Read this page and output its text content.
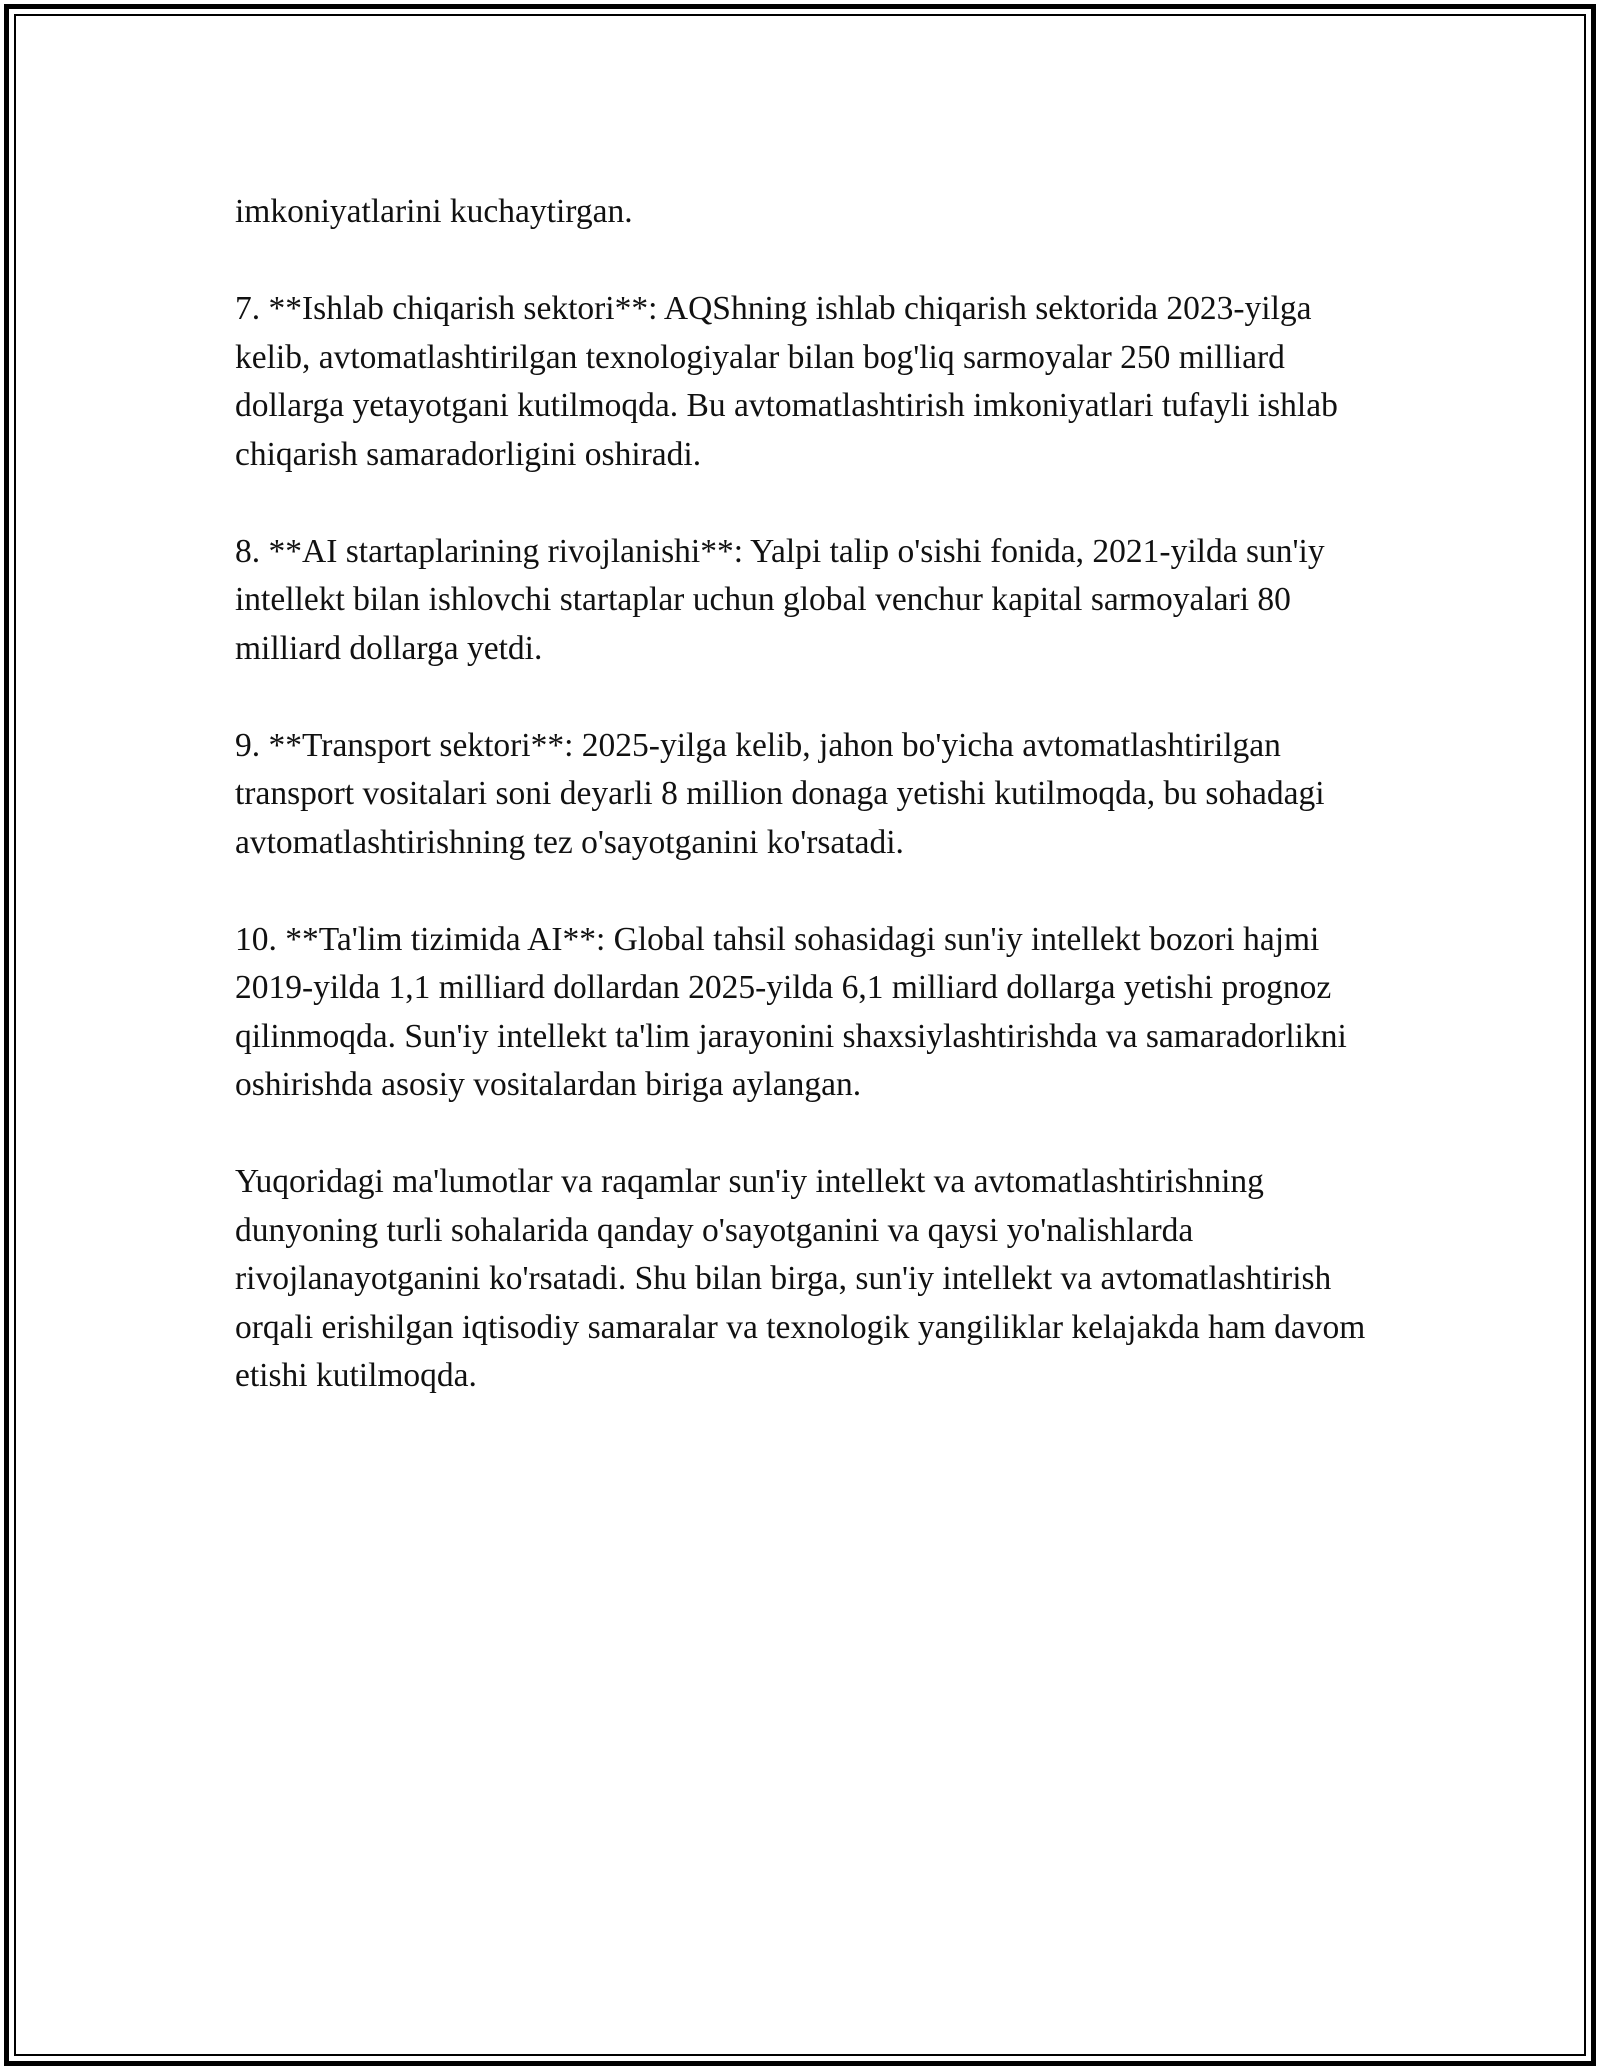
imkoniyatlarini kuchaytirgan.

7. **Ishlab chiqarish sektori**: AQShning ishlab chiqarish sektorida 2023-yilga kelib, avtomatlashtirilgan texnologiyalar bilan bog'liq sarmoyalar 250 milliard dollarga yetayotgani kutilmoqda. Bu avtomatlashtirish imkoniyatlari tufayli ishlab chiqarish samaradorligini oshiradi.

8. **AI startaplarining rivojlanishi**: Yalpi talip o'sishi fonida, 2021-yilda sun'iy intellekt bilan ishlovchi startaplar uchun global venchur kapital sarmoyalari 80 milliard dollarga yetdi.

9. **Transport sektori**: 2025-yilga kelib, jahon bo'yicha avtomatlashtirilgan transport vositalari soni deyarli 8 million donaga yetishi kutilmoqda, bu sohadagi avtomatlashtirishning tez o'sayotganini ko'rsatadi.

10. **Ta'lim tizimida AI**: Global tahsil sohasidagi sun'iy intellekt bozori hajmi 2019-yilda 1,1 milliard dollardan 2025-yilda 6,1 milliard dollarga yetishi prognoz qilinmoqda. Sun'iy intellekt ta'lim jarayonini shaxsiylashtirishda va samaradorlikni oshirishda asosiy vositalardan biriga aylangan.

Yuqoridagi ma'lumotlar va raqamlar sun'iy intellekt va avtomatlashtirishning dunyoning turli sohalarida qanday o'sayotganini va qaysi yo'nalishlarda rivojlanayotganini ko'rsatadi. Shu bilan birga, sun'iy intellekt va avtomatlashtirish orqali erishilgan iqtisodiy samaralar va texnologik yangiliklar kelajakda ham davom etishi kutilmoqda.
